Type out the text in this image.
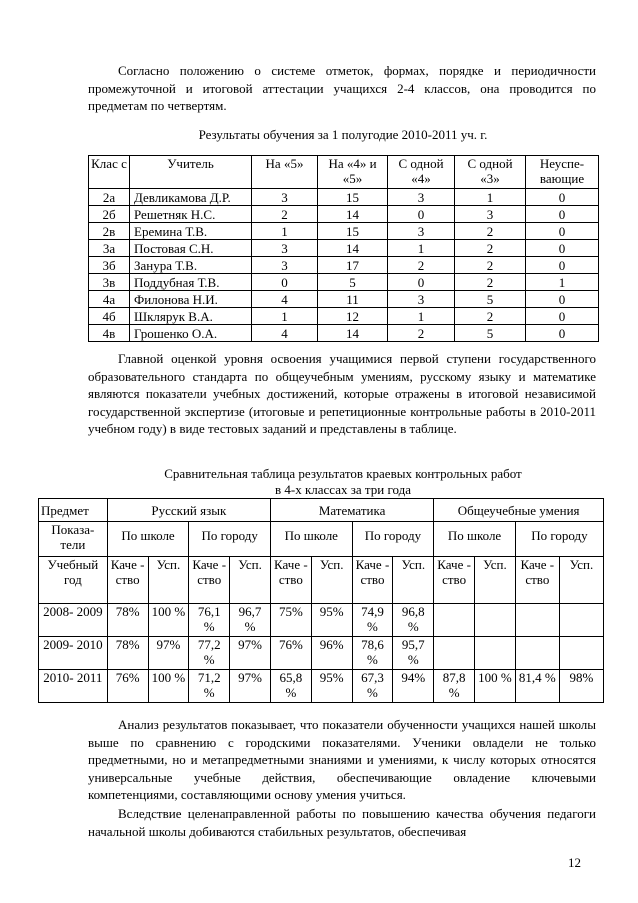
Согласно положению о системе отметок, формах, порядке и периодичности промежуточной и итоговой аттестации учащихся 2-4 классов, она проводится по предметам по четвертям.
Результаты обучения за 1 полугодие 2010-2011 уч. г.
Клас с	Учитель	На «5»	На «4» и «5»	С одной «4»	С одной «3»	Неуспе- вающие
2а	Девликамова Д.Р.	3	15	3	1	0
2б	Решетняк Н.С.	2	14	0	3	0
2в	Еремина Т.В.	1	15	3	2	0
3а	Постовая С.Н.	3	14	1	2	0
3б	Занура Т.В.	3	17	2	2	0
3в	Поддубная Т.В.	0	5	0	2	1
4а	Филонова Н.И.	4	11	3	5	0
4б	Шклярук В.А.	1	12	1	2	0
4в	Грошенко О.А.	4	14	2	5	0
Главной оценкой уровня освоения учащимися первой ступени государственного образовательного стандарта по общеучебным умениям, русскому языку и математике являются показатели учебных достижений, которые отражены в итоговой независимой государственной экспертизе (итоговые и репетиционные контрольные работы в 2010-2011 учебном году) в виде тестовых заданий и представлены в таблице.
Сравнительная таблица результатов краевых контрольных работ
в 4-х классах за три года
Предмет	Русский язык				Математика				Общеучебные умения			
Показа- тели	По школе		По городу		По школе		По городу		По школе		По городу	
Учебный год	Каче - ство	Усп.	Каче - ство	Усп.	Каче - ство	Усп.	Каче - ство	Усп.	Каче - ство	Усп.	Каче - ство	Усп.
2008- 2009	78%	100 %	76,1 %	96,7 %	75%	95%	74,9 %	96,8 %				
2009- 2010	78%	97%	77,2 %	97%	76%	96%	78,6 %	95,7 %				
2010- 2011	76%	100 %	71,2 %	97%	65,8 %	95%	67,3 %	94%	87,8 %	100 %	81,4 %	98%
Анализ результатов показывает, что показатели обученности учащихся нашей школы выше по сравнению с городскими показателями. Ученики овладели не только предметными, но и метапредметными знаниями и умениями, к числу которых относятся универсальные учебные действия, обеспечивающие овладение ключевыми компетенциями, составляющими основу умения учиться.
Вследствие целенаправленной работы по повышению качества обучения педагоги начальной школы добиваются стабильных результатов, обеспечивая
12
